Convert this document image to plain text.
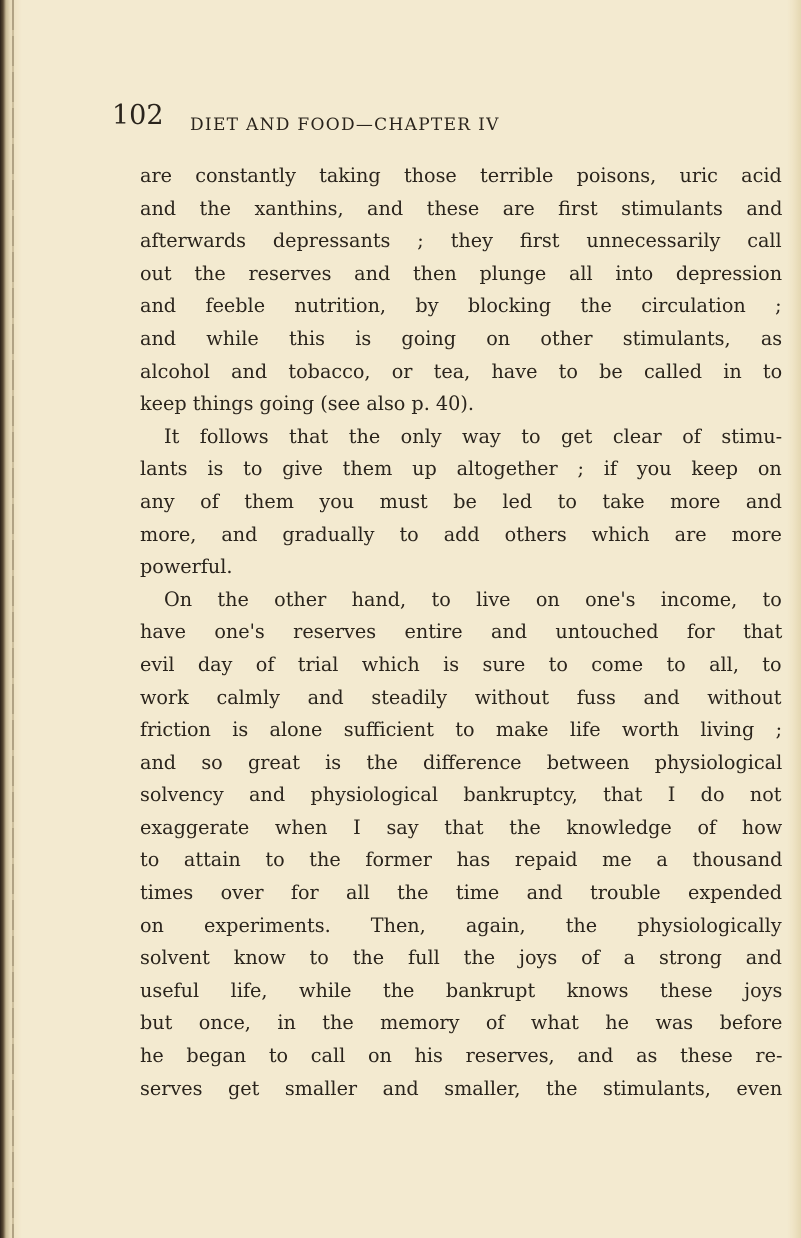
102 DIET AND FOOD—CHAPTER IV
are constantly taking those terrible poisons, uric acid
and the xanthins, and these are first stimulants and
afterwards depressants ; they first unnecessarily call
out the reserves and then plunge all into depression
and feeble nutrition, by blocking the circulation ;
and while this is going on other stimulants, as
alcohol and tobacco, or tea, have to be called in to
keep things going (see also p. 40).
It follows that the only way to get clear of stimu-
lants is to give them up altogether ; if you keep on
any of them you must be led to take more and
more, and gradually to add others which are more
powerful.
On the other hand, to live on one's income, to
have one's reserves entire and untouched for that
evil day of trial which is sure to come to all, to
work calmly and steadily without fuss and without
friction is alone sufficient to make life worth living ;
and so great is the difference between physiological
solvency and physiological bankruptcy, that I do not
exaggerate when I say that the knowledge of how
to attain to the former has repaid me a thousand
times over for all the time and trouble expended
on experiments. Then, again, the physiologically
solvent know to the full the joys of a strong and
useful life, while the bankrupt knows these joys
but once, in the memory of what he was before
he began to call on his reserves, and as these re-
serves get smaller and smaller, the stimulants, even
